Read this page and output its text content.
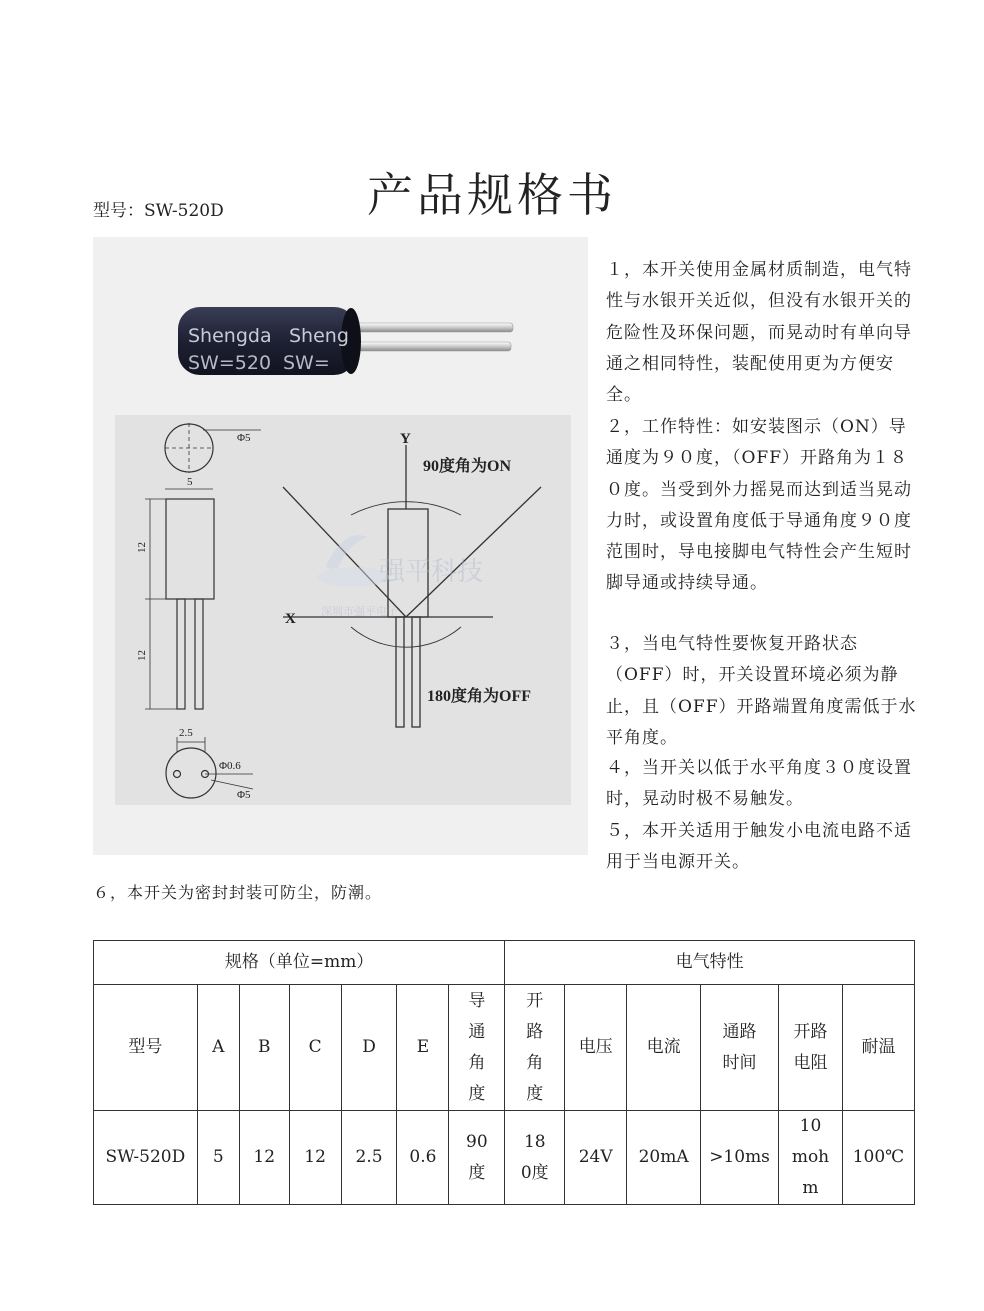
产品规格书
型号：SW-520D
Shengda Sheng
SW=520 SW=
强平科技
深圳市强平电子
Φ5
5
12
12
2.5
Φ0.6
Φ5
Y
X
90度角为ON
180度角为OFF
１，本开关使用金属材质制造，电气特性与水银开关近似，但没有水银开关的危险性及环保问题，而晃动时有单向导通之相同特性，装配使用更为方便安全。
２，工作特性：如安装图示（ON）导通度为９０度，（OFF）开路角为１８０度。当受到外力摇晃而达到适当晃动力时，或设置角度低于导通角度９０度范围时，导电接脚电气特性会产生短时脚导通或持续导通。
３，当电气特性要恢复开路状态（OFF）时，开关设置环境必须为静止，且（OFF）开路端置角度需低于水平角度。
４，当开关以低于水平角度３０度设置时，晃动时极不易触发。
５，本开关适用于触发小电流电路不适用于当电源开关。
６，本开关为密封封装可防尘，防潮。
规格（单位=mm）							电气特性					
型号	A	B	C	D	E	导通角度	开路角度	电压	电流	通路时间	开路电阻	耐温
SW-520D	5	12	12	2.5	0.6	90度	180度	24V	20mA	>10ms	10mohm	100℃
